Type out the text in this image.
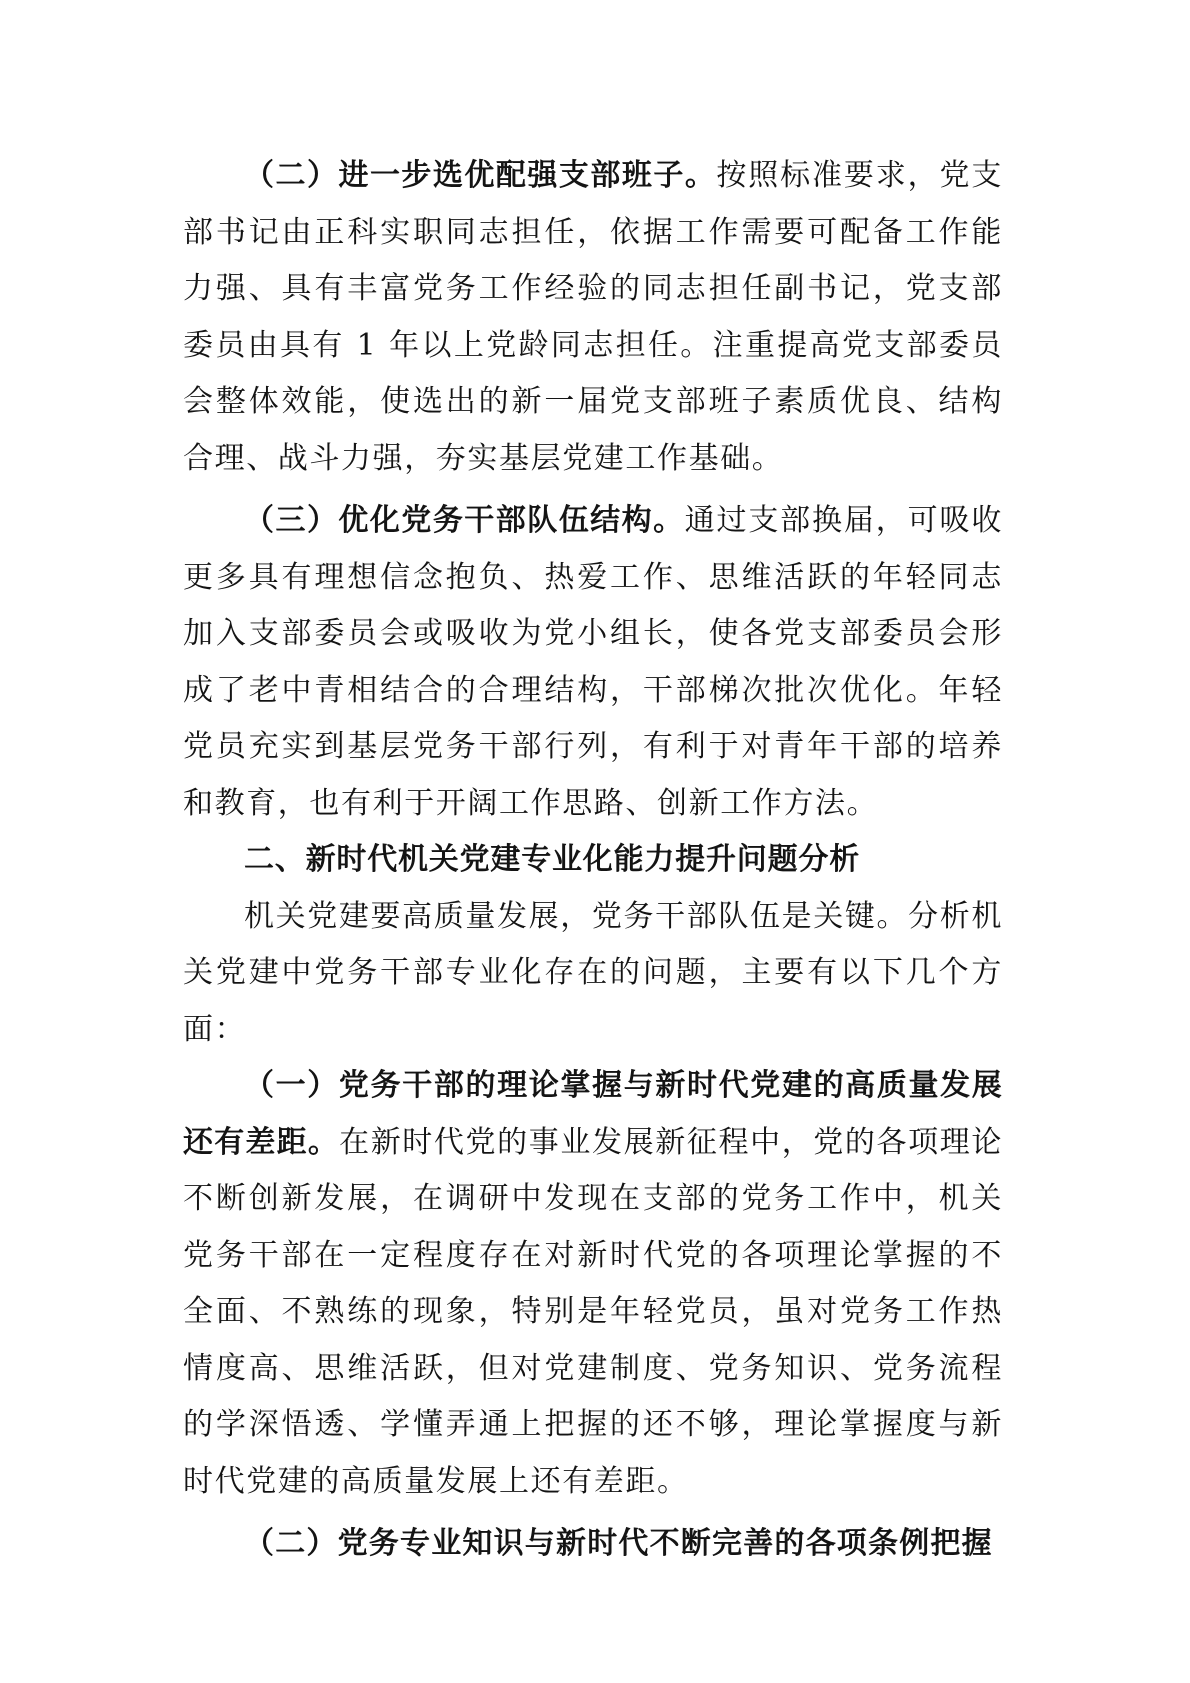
（二）进一步选优配强支部班子。按照标准要求，党支部书记由正科实职同志担任，依据工作需要可配备工作能力强、具有丰富党务工作经验的同志担任副书记，党支部委员由具有 1 年以上党龄同志担任。注重提高党支部委员会整体效能，使选出的新一届党支部班子素质优良、结构合理、战斗力强，夯实基层党建工作基础。

（三）优化党务干部队伍结构。通过支部换届，可吸收更多具有理想信念抱负、热爱工作、思维活跃的年轻同志加入支部委员会或吸收为党小组长，使各党支部委员会形成了老中青相结合的合理结构，干部梯次批次优化。年轻党员充实到基层党务干部行列，有利于对青年干部的培养和教育，也有利于开阔工作思路、创新工作方法。

二、新时代机关党建专业化能力提升问题分析

机关党建要高质量发展，党务干部队伍是关键。分析机关党建中党务干部专业化存在的问题，主要有以下几个方面：

（一）党务干部的理论掌握与新时代党建的高质量发展还有差距。在新时代党的事业发展新征程中，党的各项理论不断创新发展，在调研中发现在支部的党务工作中，机关党务干部在一定程度存在对新时代党的各项理论掌握的不全面、不熟练的现象，特别是年轻党员，虽对党务工作热情度高、思维活跃，但对党建制度、党务知识、党务流程的学深悟透、学懂弄通上把握的还不够，理论掌握度与新时代党建的高质量发展上还有差距。

（二）党务专业知识与新时代不断完善的各项条例把握
